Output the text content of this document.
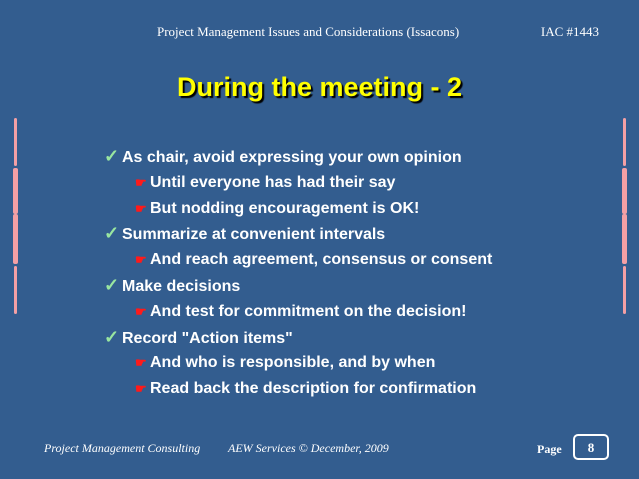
Project Management Issues and Considerations (Issacons)	IAC #1443
During the meeting - 2
✓ As chair, avoid expressing your own opinion
☛ Until everyone has had their say
☛ But nodding encouragement is OK!
✓ Summarize at convenient intervals
☛ And reach agreement, consensus or consent
✓ Make decisions
☛ And test for commitment on the decision!
✓ Record "Action items"
☛ And who is responsible, and by when
☛ Read back the description for confirmation
Project Management Consulting AEW Services © December, 2009	Page	8
